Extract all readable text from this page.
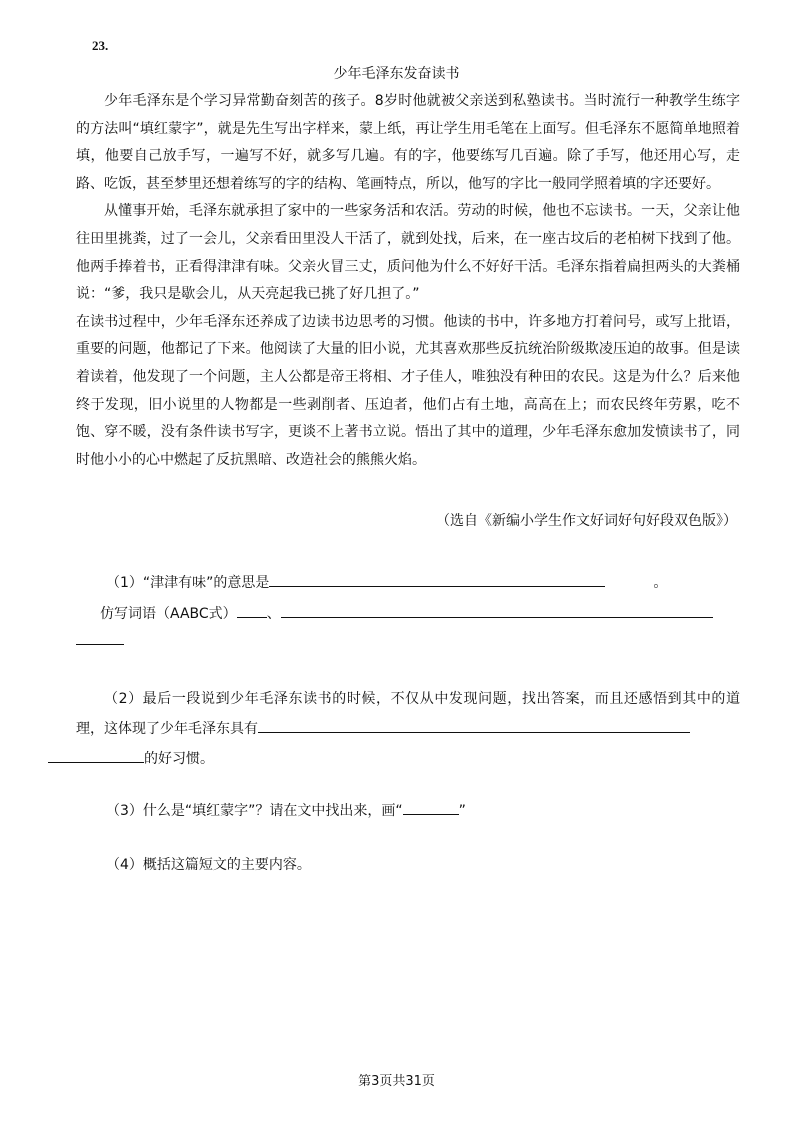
23.
少年毛泽东发奋读书

少年毛泽东是个学习异常勤奋刻苦的孩子。8岁时他就被父亲送到私塾读书。当时流行一种教学生练字的方法叫“填红蒙字”，就是先生写出字样来，蒙上纸，再让学生用毛笔在上面写。但毛泽东不愿简单地照着填，他要自己放手写，一遍写不好，就多写几遍。有的字，他要练写几百遍。除了手写，他还用心写，走路、吃饭，甚至梦里还想着练写的字的结构、笔画特点，所以，他写的字比一般同学照着填的字还要好。

从懂事开始，毛泽东就承担了家中的一些家务活和农活。劳动的时候，他也不忘读书。一天，父亲让他往田里挑粪，过了一会儿，父亲看田里没人干活了，就到处找，后来，在一座古坟后的老柏树下找到了他。他两手捧着书，正看得津津有味。父亲火冒三丈，质问他为什么不好好干活。毛泽东指着扁担两头的大粪桶说：“爹，我只是歇会儿，从天亮起我已挑了好几担了。”

在读书过程中，少年毛泽东还养成了边读书边思考的习惯。他读的书中，许多地方打着问号，或写上批语，重要的问题，他都记了下来。他阅读了大量的旧小说，尤其喜欢那些反抗统治阶级欺凌压迫的故事。但是读着读着，他发现了一个问题，主人公都是帝王将相、才子佳人，唯独没有种田的农民。这是为什么？后来他终于发现，旧小说里的人物都是一些剥削者、压迫者，他们占有土地，高高在上；而农民终年劳累，吃不饱、穿不暖，没有条件读书写字，更谈不上著书立说。悟出了其中的道理，少年毛泽东愈加发愤读书了，同时他小小的心中燃起了反抗黑暗、改造社会的熊熊火焰。

（选自《新编小学生作文好词好句好段双色版》）
（1）“津津有味”的意思是	。
仿写词语（AABC式） 、
（2）最后一段说到少年毛泽东读书的时候，不仅从中发现问题，找出答案，而且还感悟到其中的道理，这体现了少年毛泽东具有
的好习惯。
（3）什么是“填红蒙字”？请在文中找出来，画“	”
（4）概括这篇短文的主要内容。
第3页共31页
